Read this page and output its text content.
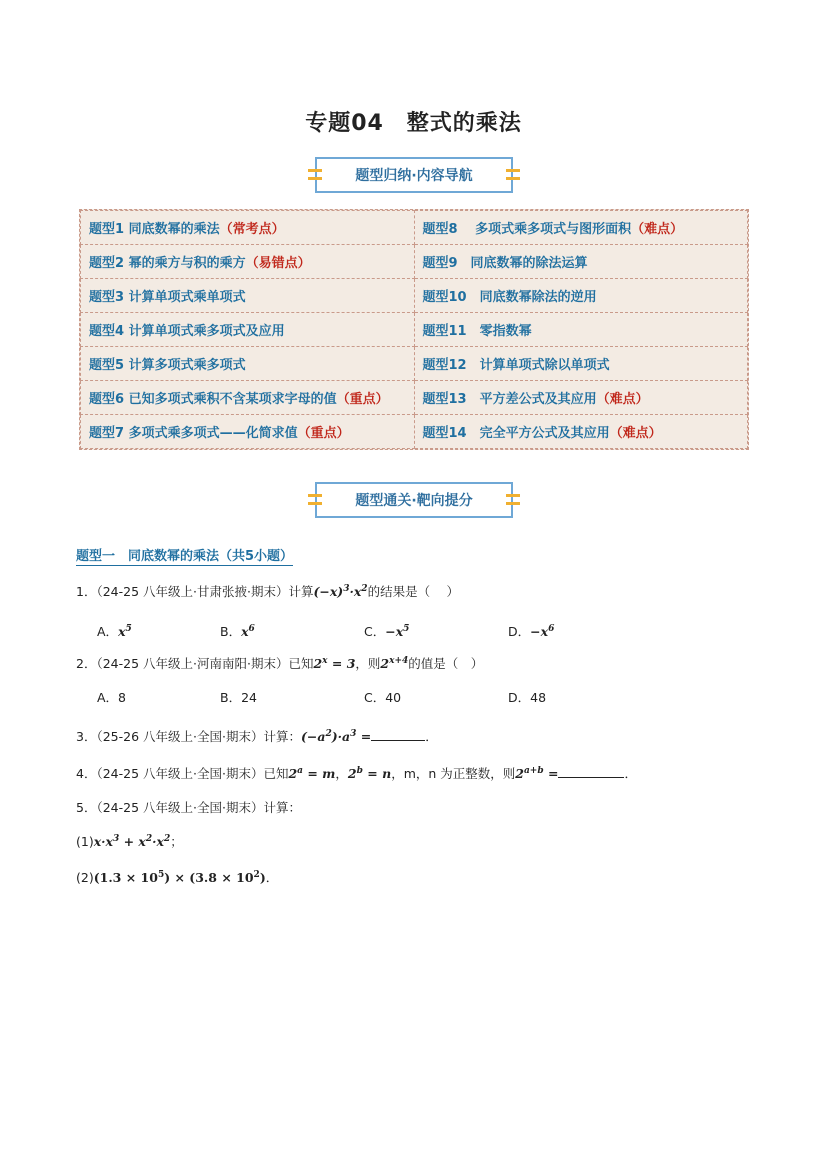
专题04　整式的乘法
题型归纳·内容导航
题型1 同底数幂的乘法（常考点）	题型8　 多项式乘多项式与图形面积（难点）
题型2 幂的乘方与积的乘方（易错点）	题型9　同底数幂的除法运算
题型3 计算单项式乘单项式	题型10　同底数幂除法的逆用
题型4 计算单项式乘多项式及应用	题型11　零指数幂
题型5 计算多项式乘多项式	题型12　计算单项式除以单项式
题型6 已知多项式乘积不含某项求字母的值（重点）	题型13　平方差公式及其应用（难点）
题型7 多项式乘多项式——化简求值（重点）	题型14　完全平方公式及其应用（难点）
题型通关·靶向提分
题型一　同底数幂的乘法（共5小题）
1．（24-25 八年级上·甘肃张掖·期末）计算$(-x)^3\cdot x^2$的结果是（　 ）
A．$x^5$	B．$x^6$	C．$-x^5$	D．$-x^6$
2．（24-25 八年级上·河南南阳·期末）已知$2^x = 3$，则$2^{x+4}$的值是（　）
A．8	B．24	C．40	D．48
3．（25-26 八年级上·全国·期末）计算：$(-a^2)\cdot a^3$ =	．
4．（24-25 八年级上·全国·期末）已知$2^a = m$，$2^b = n$，m，n 为正整数，则$2^{a+b}$ =	．
5．（24-25 八年级上·全国·期末）计算：
$(1)x\cdot x^3 + x^2\cdot x^2$；
$(2)(1.3 \times 10^5) \times (3.8 \times 10^2)$．
